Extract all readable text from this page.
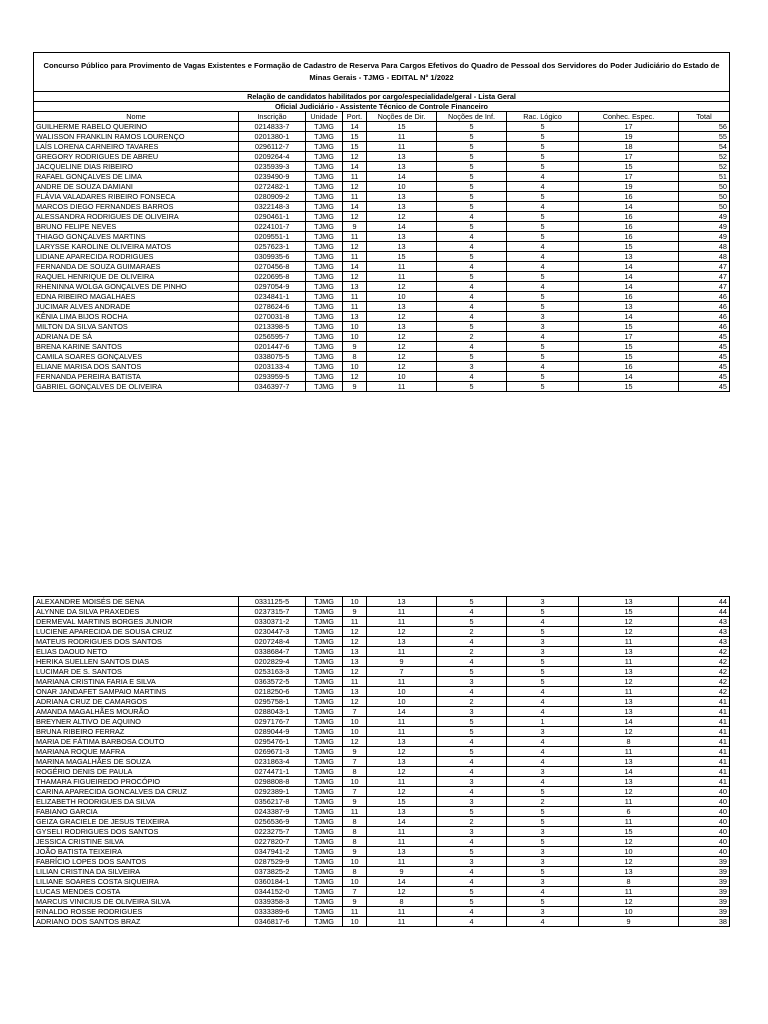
Concurso Público para Provimento de Vagas Existentes e Formação de Cadastro de Reserva Para Cargos Efetivos do Quadro de Pessoal dos Servidores do Poder Judiciário do Estado de Minas Gerais - TJMG - EDITAL Nº 1/2022								
Relação de candidatos habilitados por cargo/especialidade/geral - Lista Geral								
Oficial Judiciário - Assistente Técnico de Controle Financeiro								
Nome	Inscrição	Unidade	Port.	Noções de Dir.	Noções de Inf.	Rac. Lógico	Conhec. Espec.	Total
GUILHERME RABELO QUERINO	0214833-7	TJMG	14	15	5	5	17	56
WALISSON FRANKLIN RAMOS LOURENÇO	0201380-1	TJMG	15	11	5	5	19	55
LAÍS LORENA CARNEIRO TAVARES	0296112-7	TJMG	15	11	5	5	18	54
GREGORY RODRIGUES DE ABREU	0209264-4	TJMG	12	13	5	5	17	52
JACQUELINE DIAS RIBEIRO	0235939-3	TJMG	14	13	5	5	15	52
RAFAEL GONÇALVES DE LIMA	0239490-9	TJMG	11	14	5	4	17	51
ANDRE DE SOUZA DAMIANI	0272482-1	TJMG	12	10	5	4	19	50
FLÁVIA VALADARES RIBEIRO FONSECA	0280909-2	TJMG	11	13	5	5	16	50
MARCOS DIEGO FERNANDES BARROS	0322148-3	TJMG	14	13	5	4	14	50
ALESSANDRA RODRIGUES DE OLIVEIRA	0290461-1	TJMG	12	12	4	5	16	49
BRUNO FELIPE NEVES	0224101-7	TJMG	9	14	5	5	16	49
THIAGO GONÇALVES MARTINS	0209551-1	TJMG	11	13	4	5	16	49
LARYSSE KAROLINE OLIVEIRA MATOS	0257623-1	TJMG	12	13	4	4	15	48
LIDIANE APARECIDA RODRIGUES	0309935-6	TJMG	11	15	5	4	13	48
FERNANDA DE SOUZA GUIMARAES	0270456-8	TJMG	14	11	4	4	14	47
RAQUEL HENRIQUE DE OLIVEIRA	0220695-8	TJMG	12	11	5	5	14	47
RHENINNA WOLGA GONÇALVES DE PINHO	0297054-9	TJMG	13	12	4	4	14	47
EDNA RIBEIRO MAGALHAES	0234841-1	TJMG	11	10	4	5	16	46
JUCIMAR ALVES ANDRADE	0278624-6	TJMG	11	13	4	5	13	46
KÊNIA LIMA BIJOS ROCHA	0270031-8	TJMG	13	12	4	3	14	46
MILTON DA SILVA SANTOS	0213398-5	TJMG	10	13	5	3	15	46
ADRIANA DE SÁ	0256595-7	TJMG	10	12	2	4	17	45
BRENA KARINE SANTOS	0201447-6	TJMG	9	12	4	5	15	45
CAMILA SOARES GONÇALVES	0338075-5	TJMG	8	12	5	5	15	45
ELIANE MARISA DOS SANTOS	0203133-4	TJMG	10	12	3	4	16	45
FERNANDA PEREIRA BATISTA	0293959-5	TJMG	12	10	4	5	14	45
GABRIEL GONÇALVES DE OLIVEIRA	0346397-7	TJMG	9	11	5	5	15	45
ALEXANDRE MOISÉS DE SENA	0331125-5	TJMG	10	13	5	3	13	44
ALYNNE DA SILVA PRAXEDES	0237315-7	TJMG	9	11	4	5	15	44
DERMEVAL MARTINS BORGES JUNIOR	0330371-2	TJMG	11	11	5	4	12	43
LUCIENE APARECIDA DE SOUSA CRUZ	0230447-3	TJMG	12	12	2	5	12	43
MATEUS RODRIGUES DOS SANTOS	0207248-4	TJMG	12	13	4	3	11	43
ELIAS DAOUD NETO	0338684-7	TJMG	13	11	2	3	13	42
HERIKA SUELLEN SANTOS DIAS	0202829-4	TJMG	13	9	4	5	11	42
LUCIMAR DE S. SANTOS	0253163-3	TJMG	12	7	5	5	13	42
MARIANA CRISTINA FARIA E SILVA	0363572-5	TJMG	11	11	3	5	12	42
ONAR JANDAFET SAMPAIO MARTINS	0218250-6	TJMG	13	10	4	4	11	42
ADRIANA CRUZ DE CAMARGOS	0295758-1	TJMG	12	10	2	4	13	41
AMANDA MAGALHÃES MOURÃO	0288043-1	TJMG	7	14	3	4	13	41
BREYNER ALTIVO DE AQUINO	0297176-7	TJMG	10	11	5	1	14	41
BRUNA RIBEIRO FERRAZ	0289044-9	TJMG	10	11	5	3	12	41
MARIA DE FÁTIMA BARBOSA COUTO	0295476-1	TJMG	12	13	4	4	8	41
MARIANA ROQUE MAFRA	0269671-3	TJMG	9	12	5	4	11	41
MARINA MAGALHÃES DE SOUZA	0231863-4	TJMG	7	13	4	4	13	41
ROGÉRIO DENIS DE PAULA	0274471-1	TJMG	8	12	4	3	14	41
THAMARA FIGUEIREDO PROCÓPIO	0298808-8	TJMG	10	11	3	4	13	41
CARINA APARECIDA GONCALVES DA CRUZ	0292389-1	TJMG	7	12	4	5	12	40
ELIZABETH RODRIGUES DA SILVA	0356217-8	TJMG	9	15	3	2	11	40
FABIANO GARCIA	0243387-9	TJMG	11	13	5	5	6	40
GEIZA GRACIELE DE JESUS TEIXEIRA	0256536-9	TJMG	8	14	2	5	11	40
GYSELI RODRIGUES DOS SANTOS	0223275-7	TJMG	8	11	3	3	15	40
JESSICA CRISTINE SILVA	0227820-7	TJMG	8	11	4	5	12	40
JOÃO BATISTA TEIXEIRA	0347941-2	TJMG	9	13	5	3	10	40
FABRÍCIO LOPES DOS SANTOS	0287529-9	TJMG	10	11	3	3	12	39
LILIAN CRISTINA DA SILVEIRA	0373825-2	TJMG	8	9	4	5	13	39
LILIANE SOARES COSTA SIQUEIRA	0360184-1	TJMG	10	14	4	3	8	39
LUCAS MENDES COSTA	0344152-0	TJMG	7	12	5	4	11	39
MARCUS VINICIUS DE OLIVEIRA SILVA	0339358-3	TJMG	9	8	5	5	12	39
RINALDO ROSSE RODRIGUES	0333389-6	TJMG	11	11	4	3	10	39
ADRIANO DOS SANTOS BRAZ	0346817-6	TJMG	10	11	4	4	9	38
